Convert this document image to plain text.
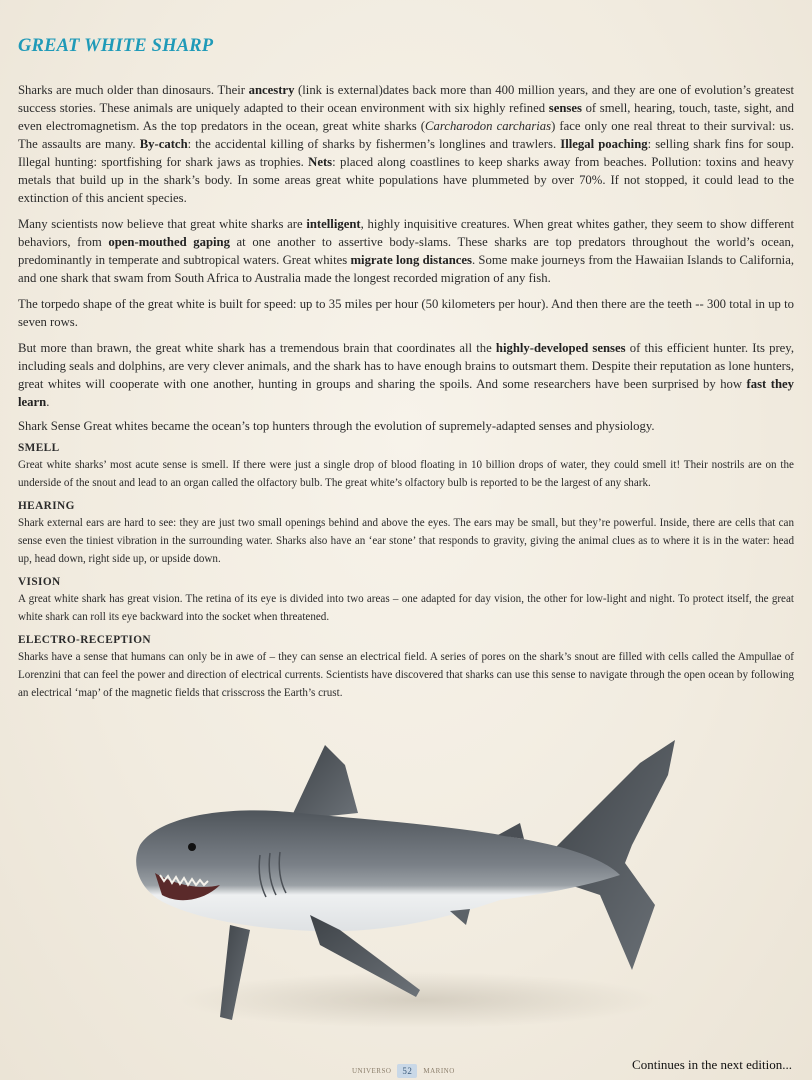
GREAT WHITE SHARP

Sharks are much older than dinosaurs. Their ancestry (link is external)dates back more than 400 million years, and they are one of evolution’s greatest success stories. These animals are uniquely adapted to their ocean environment with six highly refined senses of smell, hearing, touch, taste, sight, and even electromagnetism. As the top predators in the ocean, great white sharks (Carcharodon carcharias) face only one real threat to their survival: us. The assaults are many. By-catch: the accidental killing of sharks by fishermen’s longlines and trawlers. Illegal poaching: selling shark fins for soup. Illegal hunting: sportfishing for shark jaws as trophies. Nets: placed along coastlines to keep sharks away from beaches. Pollution: toxins and heavy metals that build up in the shark’s body. In some areas great white populations have plummeted by over 70%. If not stopped, it could lead to the extinction of this ancient species.

Many scientists now believe that great white sharks are intelligent, highly inquisitive creatures. When great whites gather, they seem to show different behaviors, from open-mouthed gaping at one another to assertive body-slams. These sharks are top predators throughout the world’s ocean, predominantly in temperate and subtropical waters. Great whites migrate long distances. Some make journeys from the Hawaiian Islands to California, and one shark that swam from South Africa to Australia made the longest recorded migration of any fish.

The torpedo shape of the great white is built for speed: up to 35 miles per hour (50 kilometers per hour). And then there are the teeth -- 300 total in up to seven rows.

But more than brawn, the great white shark has a tremendous brain that coordinates all the highly-developed senses of this efficient hunter. Its prey, including seals and dolphins, are very clever animals, and the shark has to have enough brains to outsmart them. Despite their reputation as lone hunters, great whites will cooperate with one another, hunting in groups and sharing the spoils. And some researchers have been surprised by how fast they learn.

Shark Sense Great whites became the ocean’s top hunters through the evolution of supremely-adapted senses and physiology.

SMELL

Great white sharks’ most acute sense is smell. If there were just a single drop of blood floating in 10 billion drops of water, they could smell it! Their nostrils are on the underside of the snout and lead to an organ called the olfactory bulb. The great white’s olfactory bulb is reported to be the largest of any shark.

HEARING

Shark external ears are hard to see: they are just two small openings behind and above the eyes. The ears may be small, but they’re powerful. Inside, there are cells that can sense even the tiniest vibration in the surrounding water. Sharks also have an ‘ear stone’ that responds to gravity, giving the animal clues as to where it is in the water: head up, head down, right side up, or upside down.

VISION

A great white shark has great vision. The retina of its eye is divided into two areas – one adapted for day vision, the other for low-light and night. To protect itself, the great white shark can roll its eye backward into the socket when threatened.

ELECTRO-RECEPTION

Sharks have a sense that humans can only be in awe of – they can sense an electrical field. A series of pores on the shark’s snout are filled with cells called the Ampullae of Lorenzini that can feel the power and direction of electrical currents. Scientists have discovered that sharks can use this sense to navigate through the open ocean by following an electrical ‘map’ of the magnetic fields that crisscross the Earth’s crust.

UNIVERSO	52	MARINO	Continues in the next edition...
